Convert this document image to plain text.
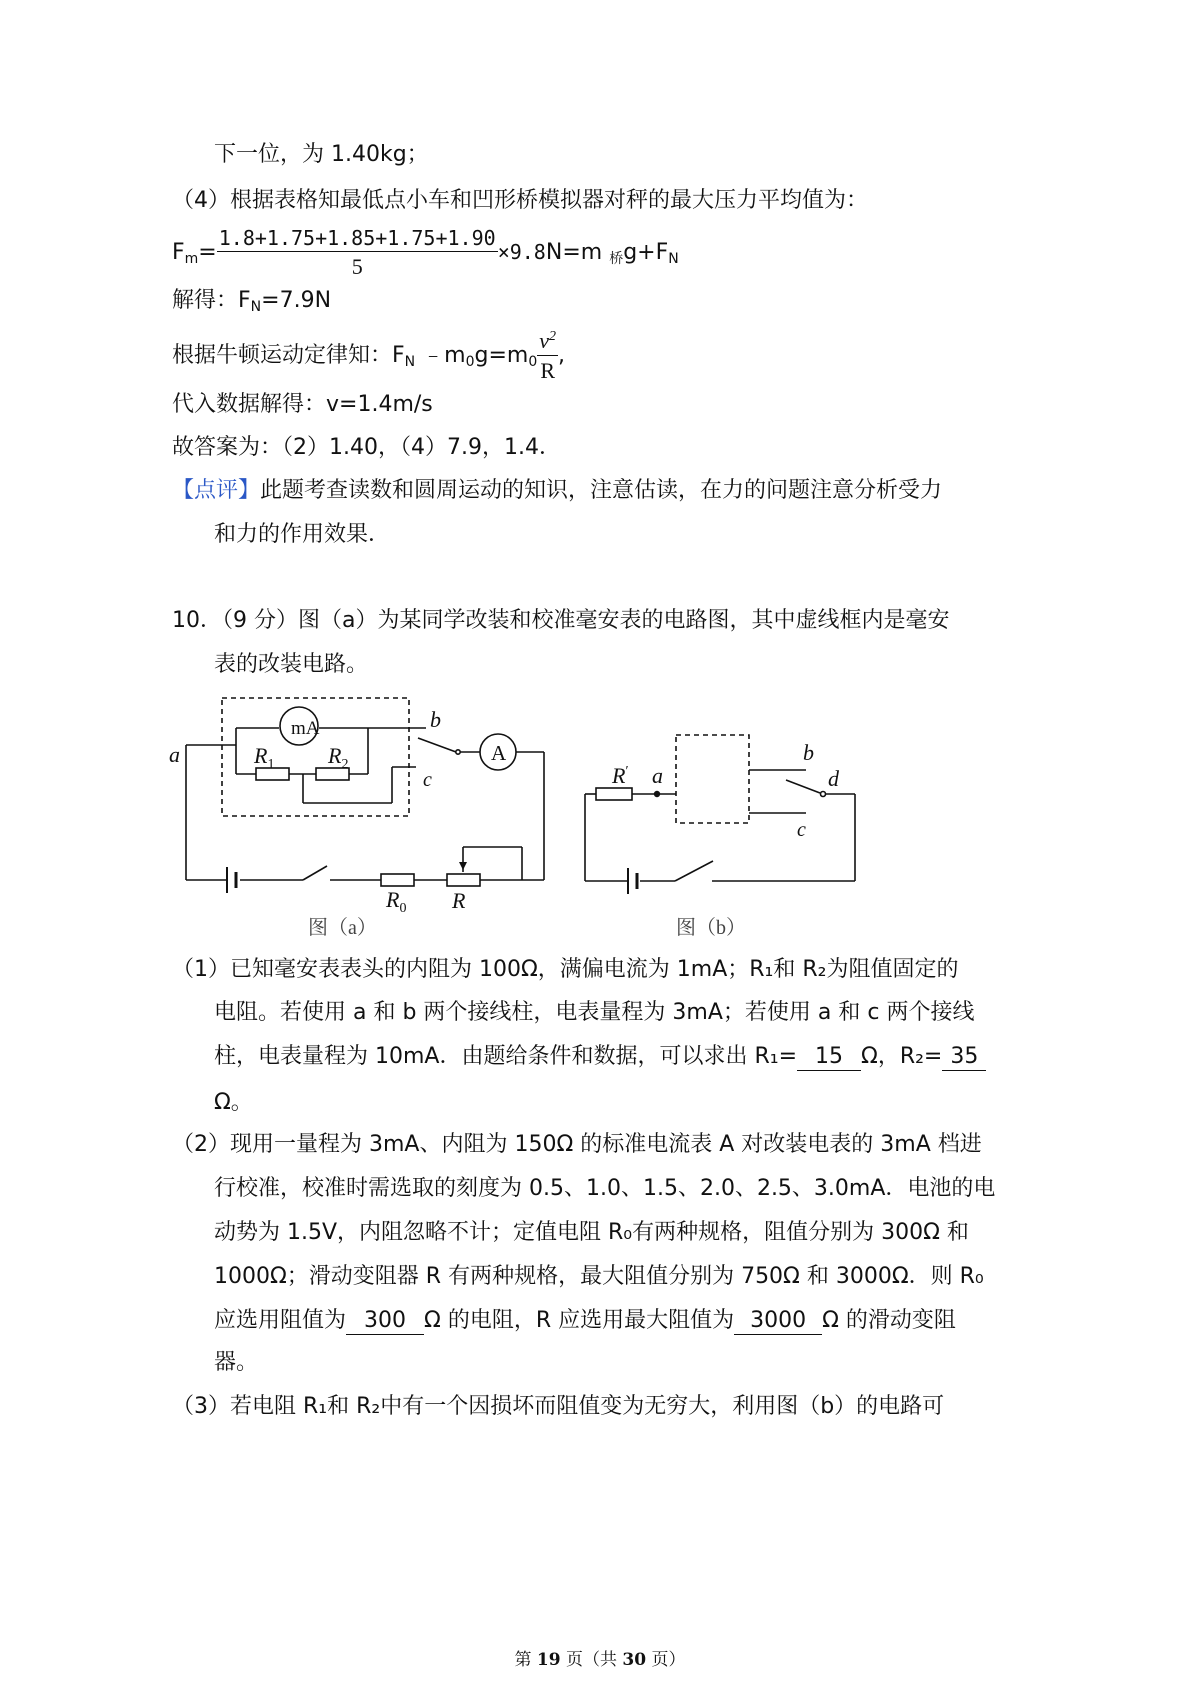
下一位，为 1.40kg；
（4）根据表格知最低点小车和凹形桥模拟器对秤的最大压力平均值为：
$F_m= \frac{1.8+1.75+1.85+1.75+1.90}{5} \times 9.8N=m$ $_桥g+F_N$
解得：$F_N=7.9N$
根据牛顿运动定律知：$F_N$ $﹣m_0g=m_0 \frac{v^2}{R}$ ,
代入数据解得：v=1.4m/s
故答案为：（2）1.40，（4）7.9，1.4．
【点评】此题考查读数和圆周运动的知识，注意估读，在力的问题注意分析受力
和力的作用效果．
10．（9 分）图（a）为某同学改装和校准毫安表的电路图，其中虚线框内是毫安
表的改装电路。
mA
A
a
b
c
$R_1$ $R_2$
$R_0$ R
图（a）
R′ a
b
d
c
图（b）
（1）已知毫安表表头的内阻为 100Ω，满偏电流为 1mA；R₁和 R₂为阻值固定的
电阻。若使用 a 和 b 两个接线柱，电表量程为 3mA；若使用 a 和 c 两个接线
柱，电表量程为 10mA．由题给条件和数据，可以求出 R₁= 15 Ω，R₂= 35
Ω。
（2）现用一量程为 3mA、内阻为 150Ω 的标准电流表 A 对改装电表的 3mA 档进
行校准，校准时需选取的刻度为 0.5、1.0、1.5、2.0、2.5、3.0mA．电池的电
动势为 1.5V，内阻忽略不计；定值电阻 R₀有两种规格，阻值分别为 300Ω 和
1000Ω；滑动变阻器 R 有两种规格，最大阻值分别为 750Ω 和 3000Ω．则 R₀
应选用阻值为 300 Ω 的电阻，R 应选用最大阻值为 3000 Ω 的滑动变阻
器。
（3）若电阻 R₁和 R₂中有一个因损坏而阻值变为无穷大，利用图（b）的电路可
第 19 页（共 30 页）
